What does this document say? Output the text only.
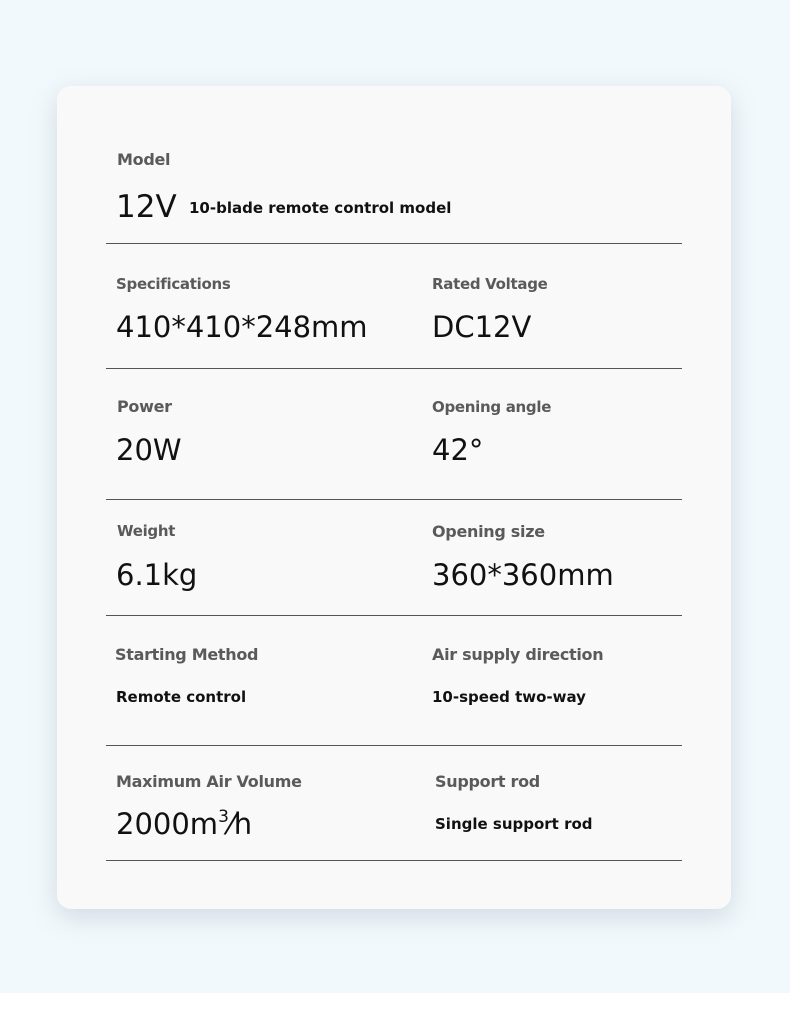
Model
12V 10-blade remote control model
Specifications
410*410*248mm
Rated Voltage
DC12V
Power
20W
Opening angle
42°
Weight
6.1kg
Opening size
360*360mm
Starting Method
Remote control
Air supply direction
10-speed two-way
Maximum Air Volume
$2000m^3⁄h$
Support rod
Single support rod
